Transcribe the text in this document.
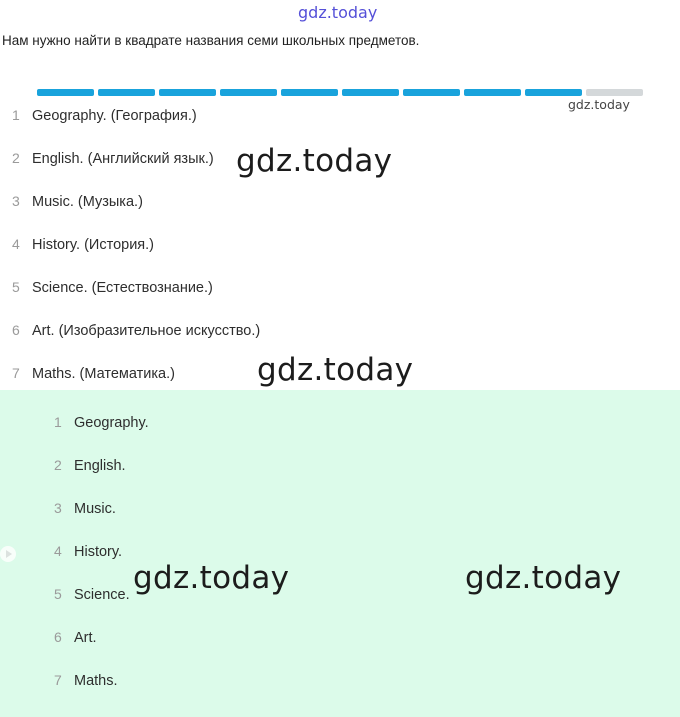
gdz.today
Нам нужно найти в квадрате названия семи школьных предметов.
gdz.today
1 Geography. (География.)
2 English. (Английский язык.)
3 Music. (Музыка.)
4 History. (История.)
5 Science. (Естествознание.)
6 Art. (Изобразительное искусство.)
7 Maths. (Математика.)
1 Geography.
2 English.
3 Music.
4 History.
5 Science.
6 Art.
7 Maths.
gdz.today
gdz.today
gdz.today	gdz.today
